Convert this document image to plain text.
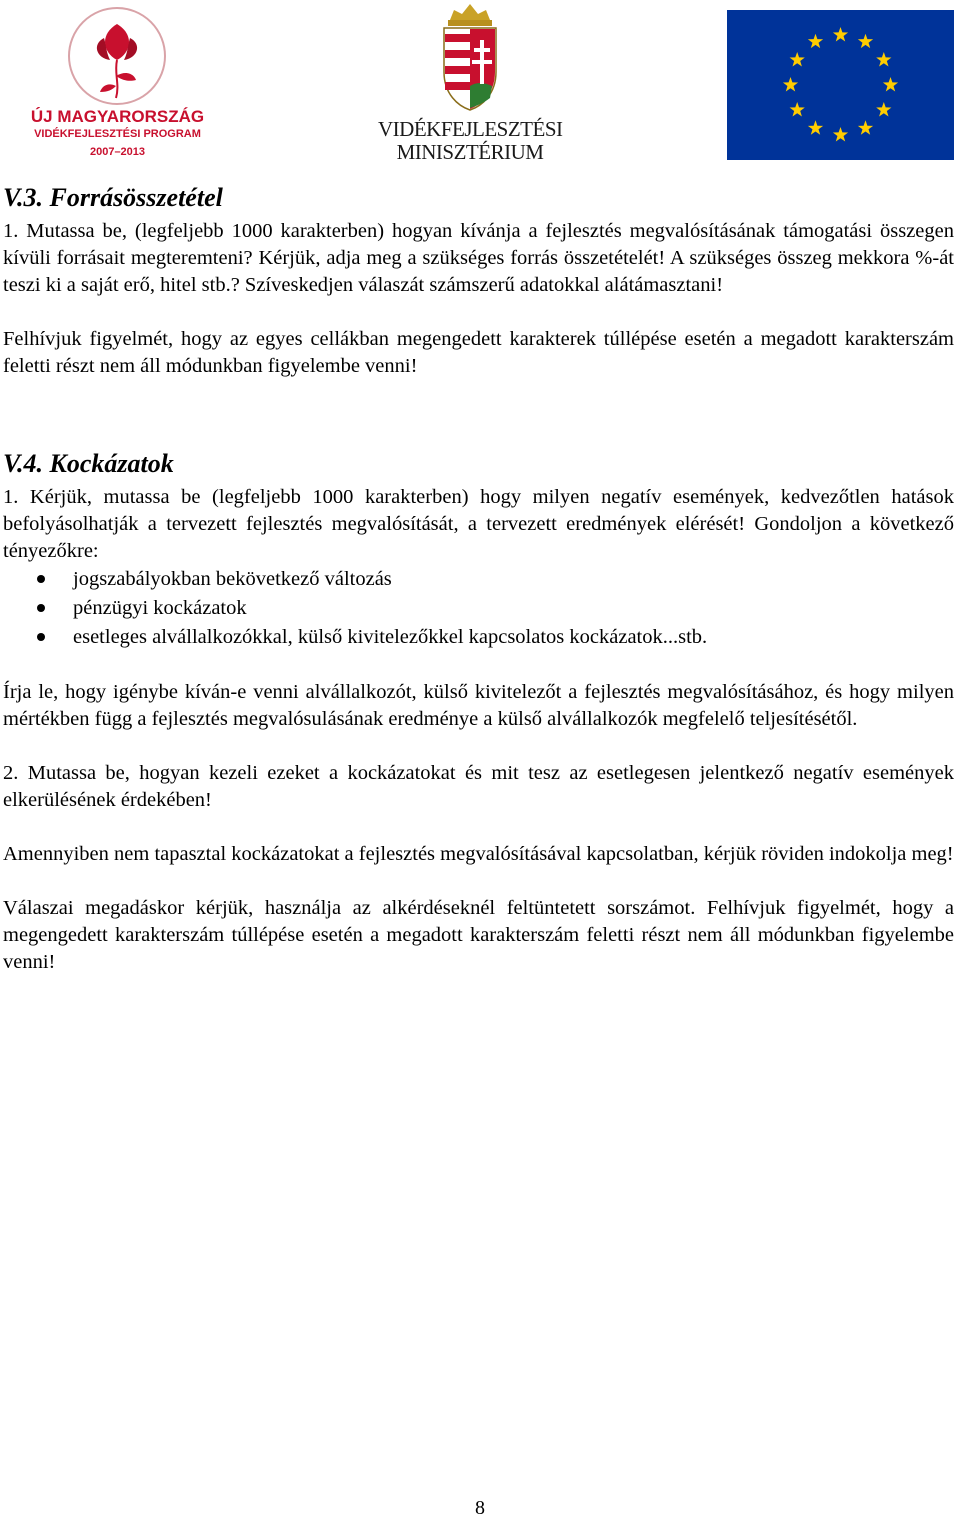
ÚJ MAGYARORSZÁG
VIDÉKFEJLESZTÉSI PROGRAM
2007–2013
VIDÉKFEJLESZTÉSI
MINISZTÉRIUM
V.3. Forrásösszetétel

1. Mutassa be, (legfeljebb 1000 karakterben) hogyan kívánja a fejlesztés megvalósításának támogatási összegen kívüli forrásait megteremteni? Kérjük, adja meg a szükséges forrás összetételét! A szükséges összeg mekkora %-át teszi ki a saját erő, hitel stb.? Szíveskedjen válaszát számszerű adatokkal alátámasztani!

Felhívjuk figyelmét, hogy az egyes cellákban megengedett karakterek túllépése esetén a megadott karakterszám feletti részt nem áll módunkban figyelembe venni!

V.4. Kockázatok

1. Kérjük, mutassa be (legfeljebb 1000 karakterben) hogy milyen negatív események, kedvezőtlen hatások befolyásolhatják a tervezett fejlesztés megvalósítását, a tervezett eredmények elérését! Gondoljon a következő tényezőkre:

jogszabályokban bekövetkező változás
pénzügyi kockázatok
esetleges alvállalkozókkal, külső kivitelezőkkel kapcsolatos kockázatok...stb.

Írja le, hogy igénybe kíván-e venni alvállalkozót, külső kivitelezőt a fejlesztés megvalósításához, és hogy milyen mértékben függ a fejlesztés megvalósulásának eredménye a külső alvállalkozók megfelelő teljesítésétől.

2. Mutassa be, hogyan kezeli ezeket a kockázatokat és mit tesz az esetlegesen jelentkező negatív események elkerülésének érdekében!

Amennyiben nem tapasztal kockázatokat a fejlesztés megvalósításával kapcsolatban, kérjük röviden indokolja meg!

Válaszai megadáskor kérjük, használja az alkérdéseknél feltüntetett sorszámot. Felhívjuk figyelmét, hogy a megengedett karakterszám túllépése esetén a megadott karakterszám feletti részt nem áll módunkban figyelembe venni!

8
